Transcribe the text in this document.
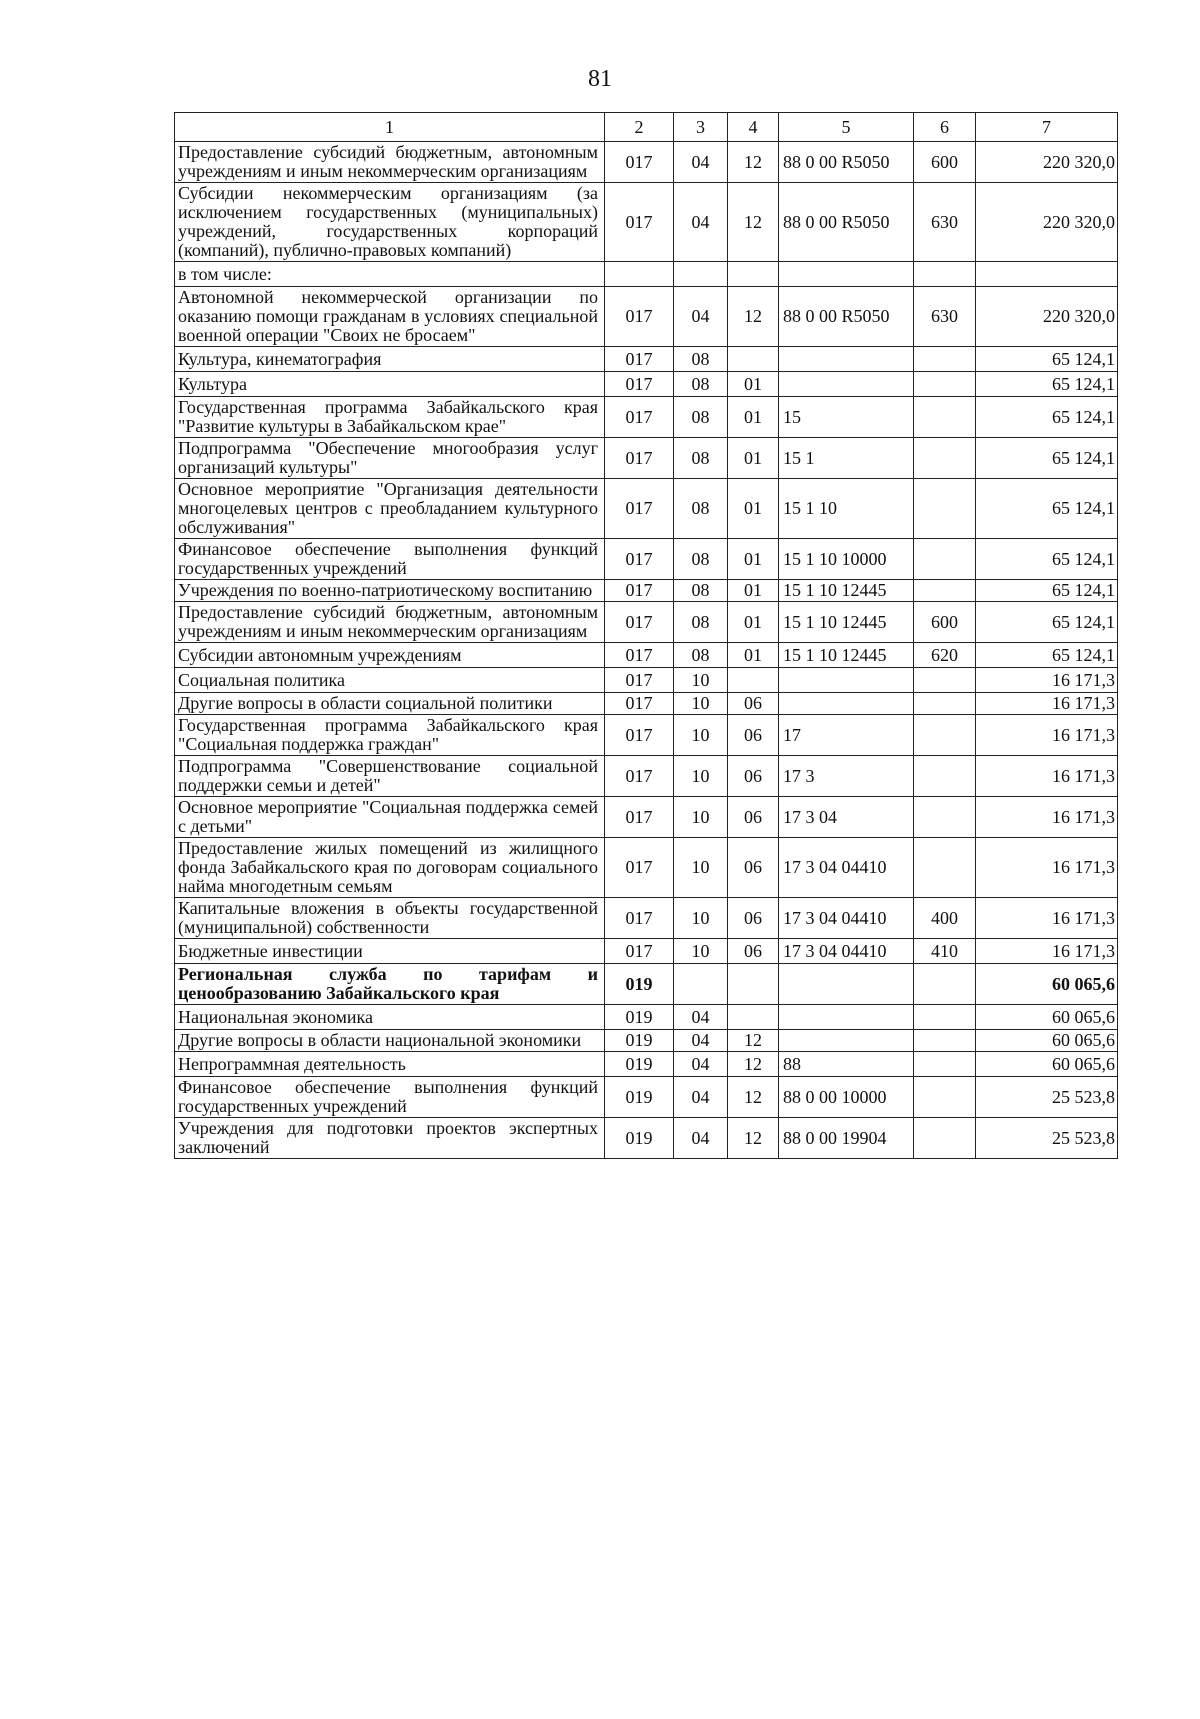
81
1	2	3	4	5	6	7
Предоставление субсидий бюджетным, автономным учреждениям и иным некоммерческим организациям	017	04	12	88 0 00 R5050	600	220 320,0
Субсидии некоммерческим организациям (за исключением государственных (муниципальных) учреждений, государственных корпораций (компаний), публично-правовых компаний)	017	04	12	88 0 00 R5050	630	220 320,0
в том числе:						
Автономной некоммерческой организации по оказанию помощи гражданам в условиях специальной военной операции "Своих не бросаем"	017	04	12	88 0 00 R5050	630	220 320,0
Культура, кинематография	017	08				65 124,1
Культура	017	08	01			65 124,1
Государственная программа Забайкальского края "Развитие культуры в Забайкальском крае"	017	08	01	15		65 124,1
Подпрограмма "Обеспечение многообразия услуг организаций культуры"	017	08	01	15 1		65 124,1
Основное мероприятие "Организация деятельности многоцелевых центров с преобладанием культурного обслуживания"	017	08	01	15 1 10		65 124,1
Финансовое обеспечение выполнения функций государственных учреждений	017	08	01	15 1 10 10000		65 124,1
Учреждения по военно-патриотическому воспитанию	017	08	01	15 1 10 12445		65 124,1
Предоставление субсидий бюджетным, автономным учреждениям и иным некоммерческим организациям	017	08	01	15 1 10 12445	600	65 124,1
Субсидии автономным учреждениям	017	08	01	15 1 10 12445	620	65 124,1
Социальная политика	017	10				16 171,3
Другие вопросы в области социальной политики	017	10	06			16 171,3
Государственная программа Забайкальского края "Социальная поддержка граждан"	017	10	06	17		16 171,3
Подпрограмма "Совершенствование социальной поддержки семьи и детей"	017	10	06	17 3		16 171,3
Основное мероприятие "Социальная поддержка семей с детьми"	017	10	06	17 3 04		16 171,3
Предоставление жилых помещений из жилищного фонда Забайкальского края по договорам социального найма многодетным семьям	017	10	06	17 3 04 04410		16 171,3
Капитальные вложения в объекты государственной (муниципальной) собственности	017	10	06	17 3 04 04410	400	16 171,3
Бюджетные инвестиции	017	10	06	17 3 04 04410	410	16 171,3
Региональная служба по тарифам и ценообразованию Забайкальского края	019					60 065,6
Национальная экономика	019	04				60 065,6
Другие вопросы в области национальной экономики	019	04	12			60 065,6
Непрограммная деятельность	019	04	12	88		60 065,6
Финансовое обеспечение выполнения функций государственных учреждений	019	04	12	88 0 00 10000		25 523,8
Учреждения для подготовки проектов экспертных заключений	019	04	12	88 0 00 19904		25 523,8
